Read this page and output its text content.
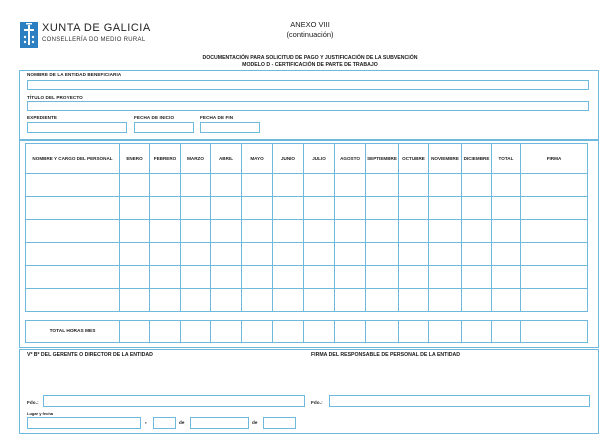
XUNTA DE GALICIA
CONSELLERÍA DO MEDIO RURAL
ANEXO VIII
(continuación)
DOCUMENTACIÓN PARA SOLICITUD DE PAGO Y JUSTIFICACIÓN DE LA SUBVENCIÓN
MODELO D - CERTIFICACIÓN DE PARTE DE TRABAJO
NOMBRE DE LA ENTIDAD BENEFICIARIA
TÍTULO DEL PROYECTO
EXPEDIENTE	FECHA DE INICIO	FECHA DE FIN
NOMBRE Y CARGO DEL PERSONAL	ENERO	FEBRERO	MARZO	ABRIL	MAYO	JUNIO	JULIO	AGOSTO	SEPTIEMBRE	OCTUBRE	NOVIEMBRE	DICIEMBRE	TOTAL	FIRMA

TOTAL HORAS MES														
Vº Bº DEL GERENTE O DIRECTOR DE LA ENTIDAD	FIRMA DEL RESPONSABLE DE PERSONAL DE LA ENTIDAD
Fdo.:	Fdo.:
Lugar y fecha
,	de	de
